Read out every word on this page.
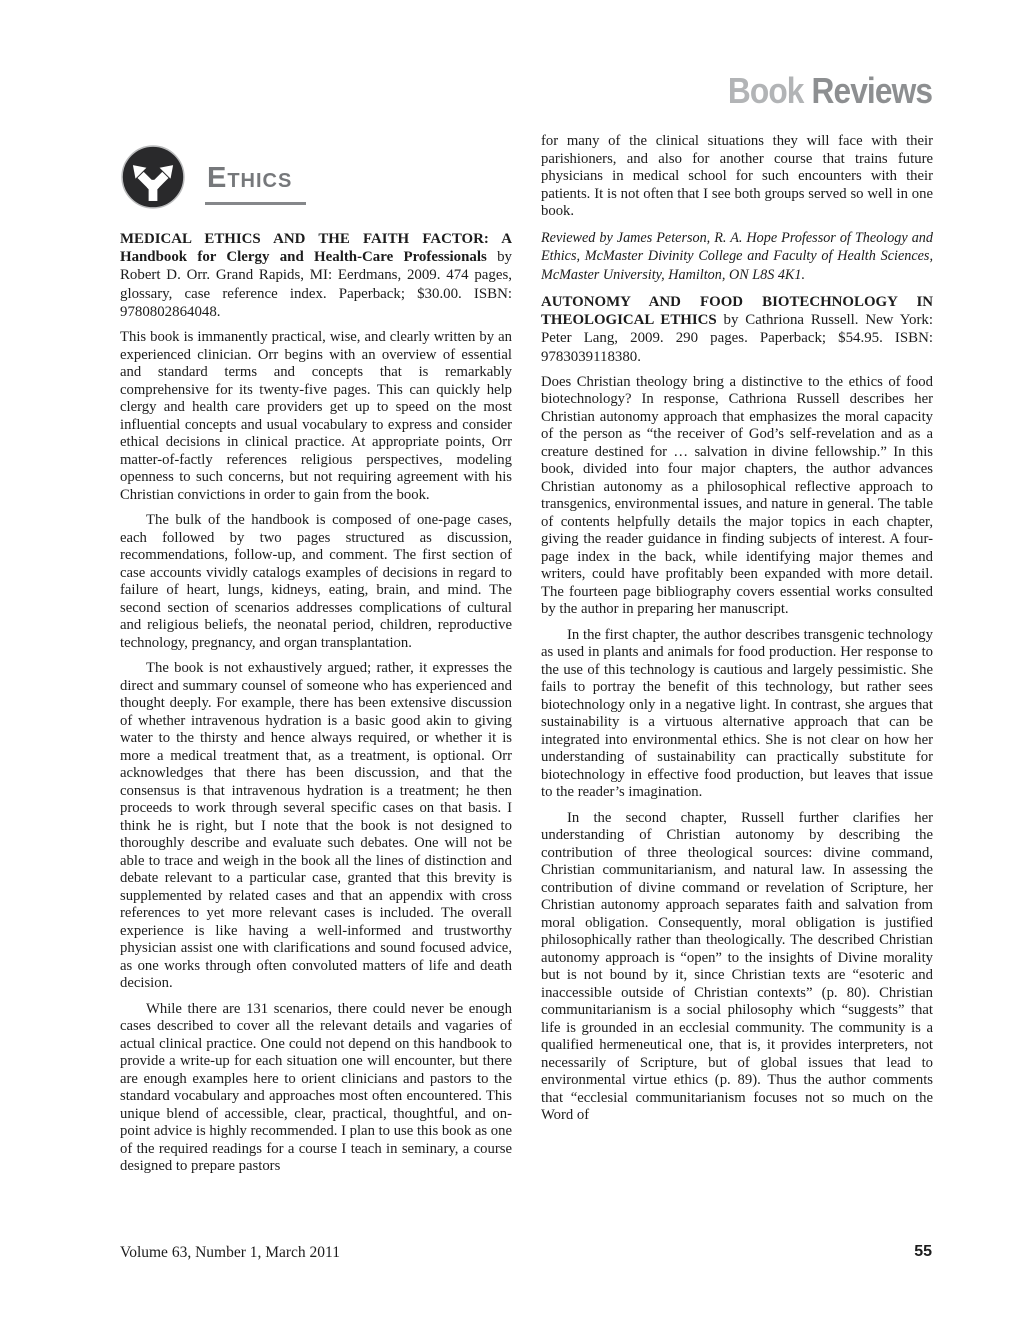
Book Reviews
Ethics

MEDICAL ETHICS AND THE FAITH FACTOR: A Handbook for Clergy and Health-Care Professionals by Robert D. Orr. Grand Rapids, MI: Eerdmans, 2009. 474 pages, glossary, case reference index. Paperback; $30.00. ISBN: 9780802864048.

This book is immanently practical, wise, and clearly written by an experienced clinician. Orr begins with an overview of essential and standard terms and concepts that is remarkably comprehensive for its twenty-five pages. This can quickly help clergy and health care providers get up to speed on the most influential concepts and usual vocabulary to express and consider ethical decisions in clinical practice. At appropriate points, Orr matter-of-factly references religious perspectives, modeling openness to such concerns, but not requiring agreement with his Christian convictions in order to gain from the book.

The bulk of the handbook is composed of one-page cases, each followed by two pages structured as discussion, recommendations, follow-up, and comment. The first section of case accounts vividly catalogs examples of decisions in regard to failure of heart, lungs, kidneys, eating, brain, and mind. The second section of scenarios addresses complications of cultural and religious beliefs, the neonatal period, children, reproductive technology, pregnancy, and organ transplantation.

The book is not exhaustively argued; rather, it expresses the direct and summary counsel of someone who has experienced and thought deeply. For example, there has been extensive discussion of whether intravenous hydration is a basic good akin to giving water to the thirsty and hence always required, or whether it is more a medical treatment that, as a treatment, is optional. Orr acknowledges that there has been discussion, and that the consensus is that intravenous hydration is a treatment; he then proceeds to work through several specific cases on that basis. I think he is right, but I note that the book is not designed to thoroughly describe and evaluate such debates. One will not be able to trace and weigh in the book all the lines of distinction and debate relevant to a particular case, granted that this brevity is supplemented by related cases and that an appendix with cross references to yet more relevant cases is included. The overall experience is like having a well-informed and trustworthy physician assist one with clarifications and sound focused advice, as one works through often convoluted matters of life and death decision.

While there are 131 scenarios, there could never be enough cases described to cover all the relevant details and vagaries of actual clinical practice. One could not depend on this handbook to provide a write-up for each situation one will encounter, but there are enough examples here to orient clinicians and pastors to the standard vocabulary and approaches most often encountered. This unique blend of accessible, clear, practical, thoughtful, and on-point advice is highly recommended. I plan to use this book as one of the required readings for a course I teach in seminary, a course designed to prepare pastors

for many of the clinical situations they will face with their parishioners, and also for another course that trains future physicians in medical school for such encounters with their patients. It is not often that I see both groups served so well in one book.

Reviewed by James Peterson, R. A. Hope Professor of Theology and Ethics, McMaster Divinity College and Faculty of Health Sciences, McMaster University, Hamilton, ON L8S 4K1.

AUTONOMY AND FOOD BIOTECHNOLOGY IN THEOLOGICAL ETHICS by Cathriona Russell. New York: Peter Lang, 2009. 290 pages. Paperback; $54.95. ISBN: 9783039118380.

Does Christian theology bring a distinctive to the ethics of food biotechnology? In response, Cathriona Russell describes her Christian autonomy approach that emphasizes the moral capacity of the person as “the receiver of God’s self-revelation and as a creature destined for … salvation in divine fellowship.” In this book, divided into four major chapters, the author advances Christian autonomy as a philosophical reflective approach to transgenics, environmental issues, and nature in general. The table of contents helpfully details the major topics in each chapter, giving the reader guidance in finding subjects of interest. A four-page index in the back, while identifying major themes and writers, could have profitably been expanded with more detail. The fourteen page bibliography covers essential works consulted by the author in preparing her manuscript.

In the first chapter, the author describes transgenic technology as used in plants and animals for food production. Her response to the use of this technology is cautious and largely pessimistic. She fails to portray the benefit of this technology, but rather sees biotechnology only in a negative light. In contrast, she argues that sustainability is a virtuous alternative approach that can be integrated into environmental ethics. She is not clear on how her understanding of sustainability can practically substitute for biotechnology in effective food production, but leaves that issue to the reader’s imagination.

In the second chapter, Russell further clarifies her understanding of Christian autonomy by describing the contribution of three theological sources: divine command, Christian communitarianism, and natural law. In assessing the contribution of divine command or revelation of Scripture, her Christian autonomy approach separates faith and salvation from moral obligation. Consequently, moral obligation is justified philosophically rather than theologically. The described Christian autonomy approach is “open” to the insights of Divine morality but is not bound by it, since Christian texts are “esoteric and inaccessible outside of Christian contexts” (p. 80). Christian communitarianism is a social philosophy which “suggests” that life is grounded in an ecclesial community. The community is a qualified hermeneutical one, that is, it provides interpreters, not necessarily of Scripture, but of global issues that lead to environmental virtue ethics (p. 89). Thus the author comments that “ecclesial communitarianism focuses not so much on the Word of

Volume 63, Number 1, March 2011	55
